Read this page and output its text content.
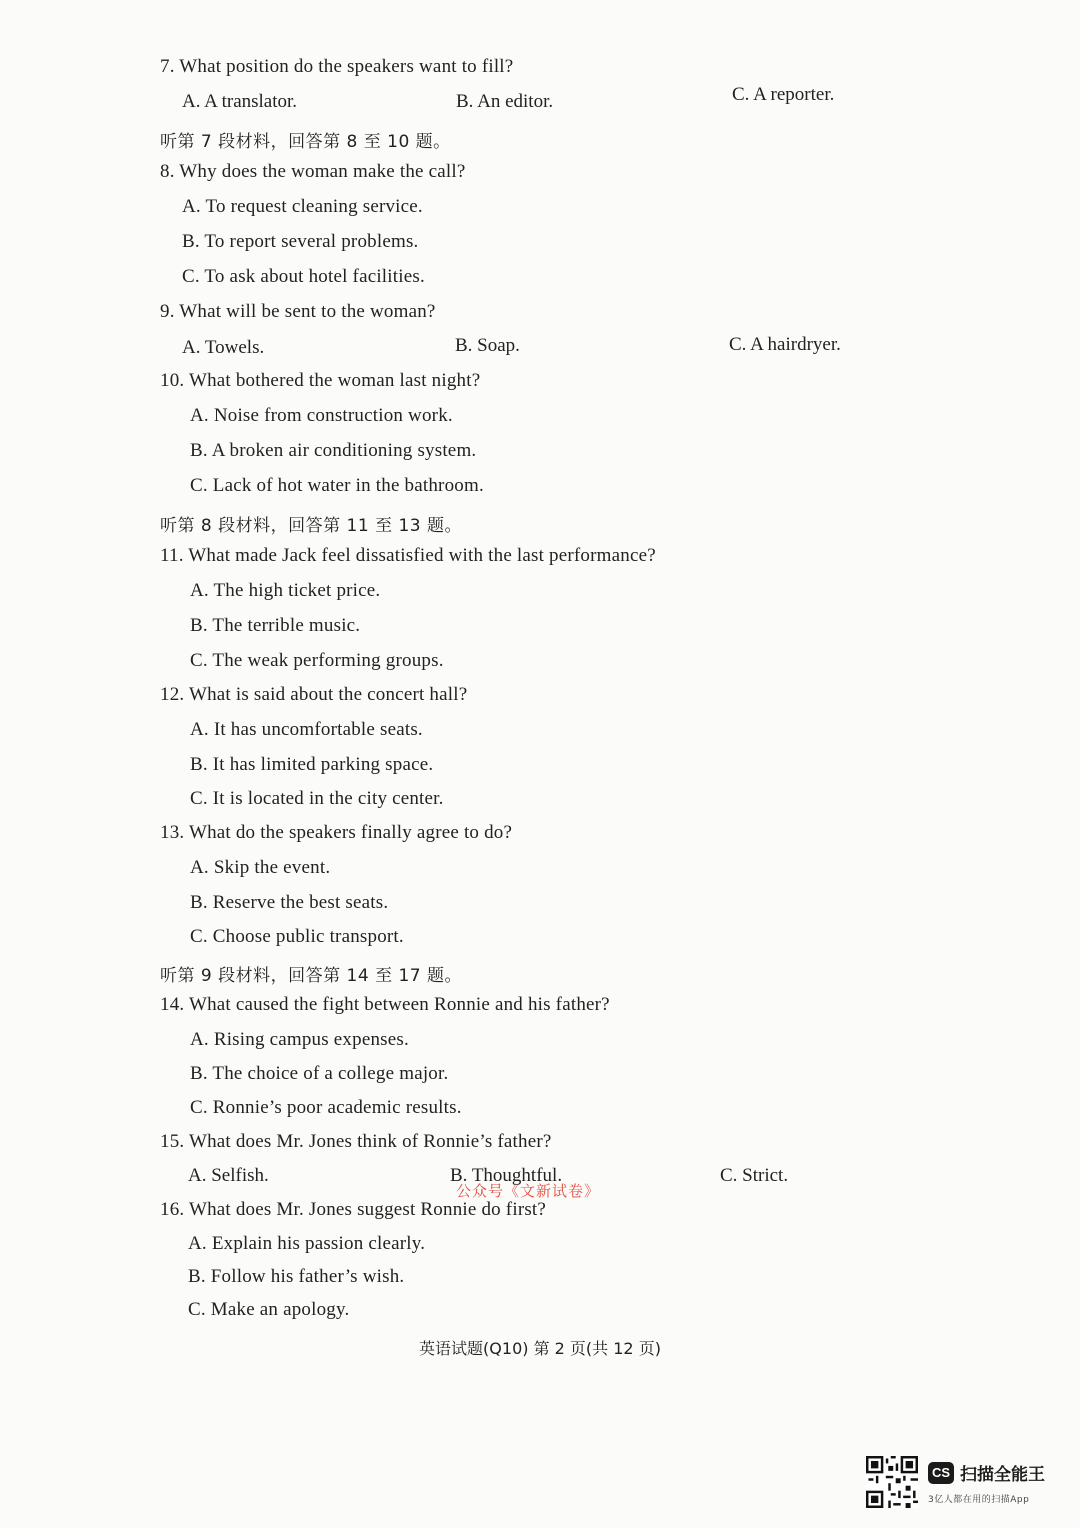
7. What position do the speakers want to fill?
A. A translator.	B. An editor.	C. A reporter.
听第 7 段材料，回答第 8 至 10 题。
8. Why does the woman make the call?
A. To request cleaning service.
B. To report several problems.
C. To ask about hotel facilities.
9. What will be sent to the woman?
A. Towels.	B. Soap.	C. A hairdryer.
10. What bothered the woman last night?
A. Noise from construction work.
B. A broken air conditioning system.
C. Lack of hot water in the bathroom.
听第 8 段材料，回答第 11 至 13 题。
11. What made Jack feel dissatisfied with the last performance?
A. The high ticket price.
B. The terrible music.
C. The weak performing groups.
12. What is said about the concert hall?
A. It has uncomfortable seats.
B. It has limited parking space.
C. It is located in the city center.
13. What do the speakers finally agree to do?
A. Skip the event.
B. Reserve the best seats.
C. Choose public transport.
听第 9 段材料，回答第 14 至 17 题。
14. What caused the fight between Ronnie and his father?
A. Rising campus expenses.
B. The choice of a college major.
C. Ronnie’s poor academic results.
15. What does Mr. Jones think of Ronnie’s father?
A. Selfish.	B. Thoughtful.	C. Strict.
公众号《文新试卷》
16. What does Mr. Jones suggest Ronnie do first?
A. Explain his passion clearly.
B. Follow his father’s wish.
C. Make an apology.
英语试题(Q10) 第 2 页(共 12 页)
CS 扫描全能王
3亿人都在用的扫描App
